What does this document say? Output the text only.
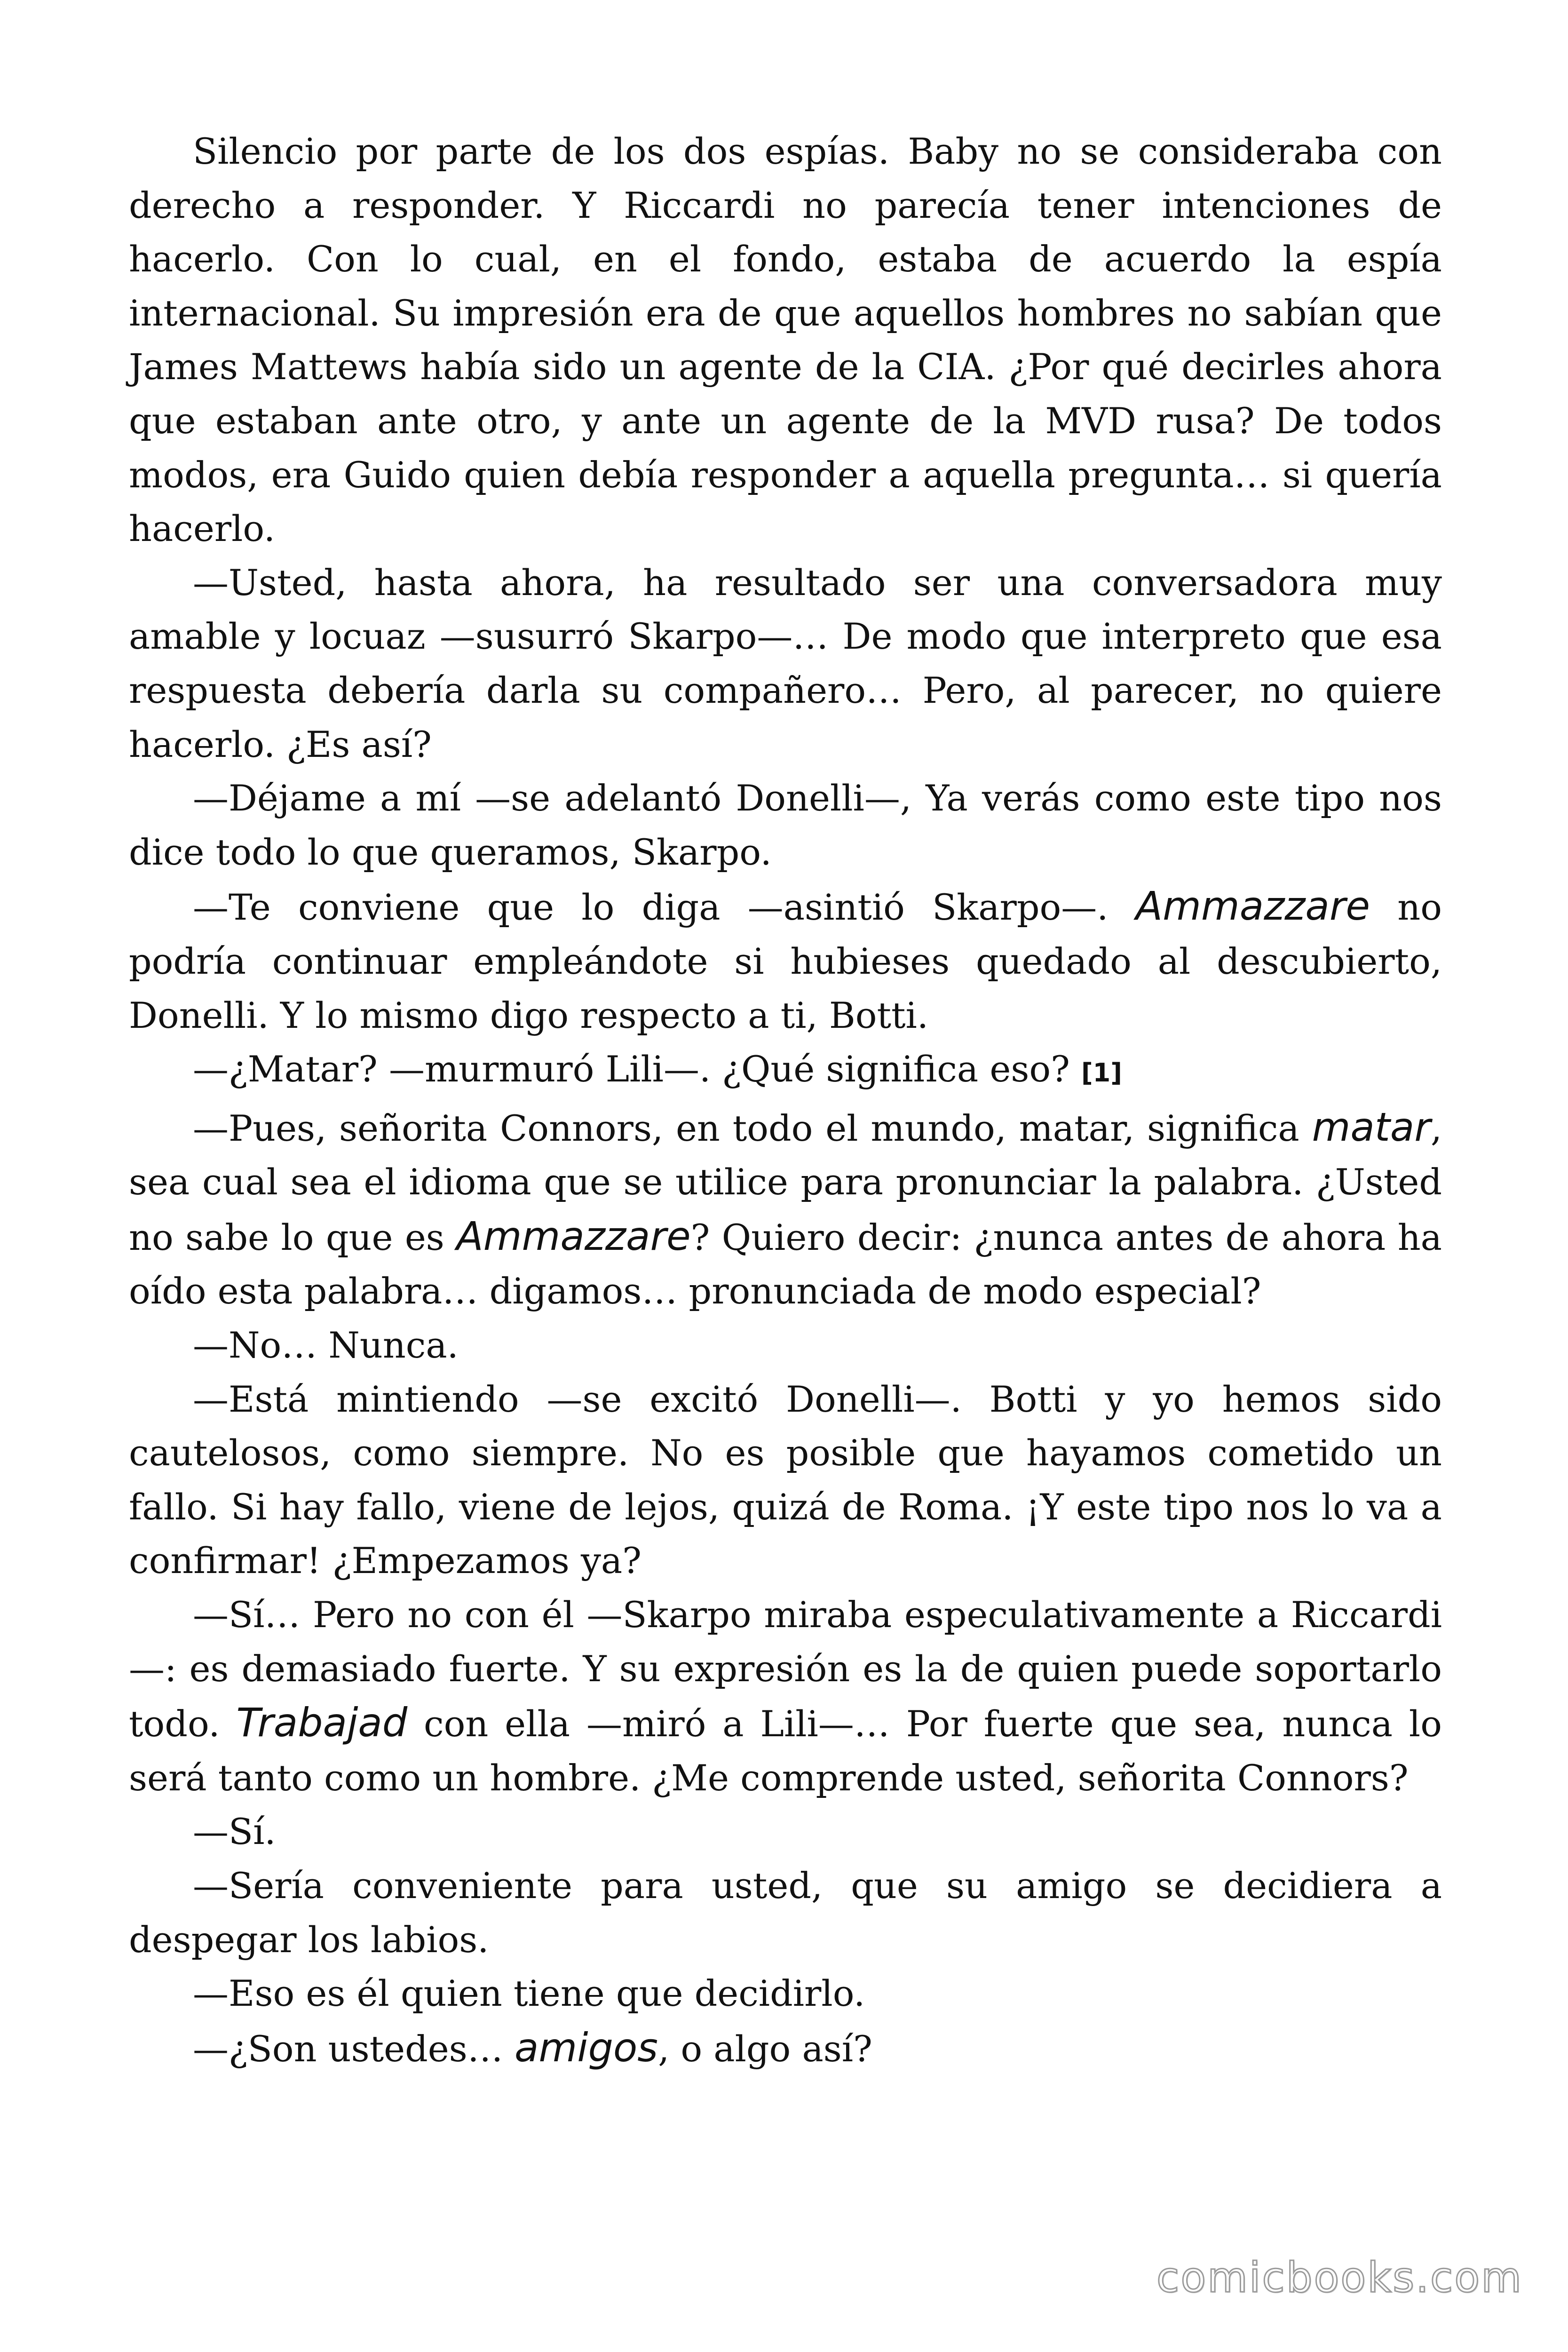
Silencio por parte de los dos espías. Baby no se consideraba con derecho a responder. Y Riccardi no parecía tener intenciones de hacerlo. Con lo cual, en el fondo, estaba de acuerdo la espía internacional. Su impresión era de que aquellos hombres no sabían que James Mattews había sido un agente de la CIA. ¿Por qué decirles ahora que estaban ante otro, y ante un agente de la MVD rusa? De todos modos, era Guido quien debía responder a aquella pregunta… si quería hacerlo.

—Usted, hasta ahora, ha resultado ser una conversadora muy amable y locuaz —susurró Skarpo—… De modo que interpreto que esa respuesta debería darla su compañero… Pero, al parecer, no quiere hacerlo. ¿Es así?

—Déjame a mí —se adelantó Donelli—, Ya verás como este tipo nos dice todo lo que queramos, Skarpo.

—Te conviene que lo diga —asintió Skarpo—. Ammazzare no podría continuar empleándote si hubieses quedado al descubierto, Donelli. Y lo mismo digo respecto a ti, Botti.

—¿Matar? —murmuró Lili—. ¿Qué significa eso? [1]

—Pues, señorita Connors, en todo el mundo, matar, significa matar, sea cual sea el idioma que se utilice para pronunciar la palabra. ¿Usted no sabe lo que es Ammazzare? Quiero decir: ¿nunca antes de ahora ha oído esta palabra… digamos… pronunciada de modo especial?

—No… Nunca.

—Está mintiendo —se excitó Donelli—. Botti y yo hemos sido cautelosos, como siempre. No es posible que hayamos cometido un fallo. Si hay fallo, viene de lejos, quizá de Roma. ¡Y este tipo nos lo va a confirmar! ¿Empezamos ya?

—Sí… Pero no con él —Skarpo miraba especulativamente a Riccardi—: es demasiado fuerte. Y su expresión es la de quien puede soportarlo todo. Trabajad con ella —miró a Lili—… Por fuerte que sea, nunca lo será tanto como un hombre. ¿Me comprende usted, señorita Connors?

—Sí.

—Sería conveniente para usted, que su amigo se decidiera a despegar los labios.

—Eso es él quien tiene que decidirlo.

—¿Son ustedes… amigos, o algo así?

comicbooks.com
